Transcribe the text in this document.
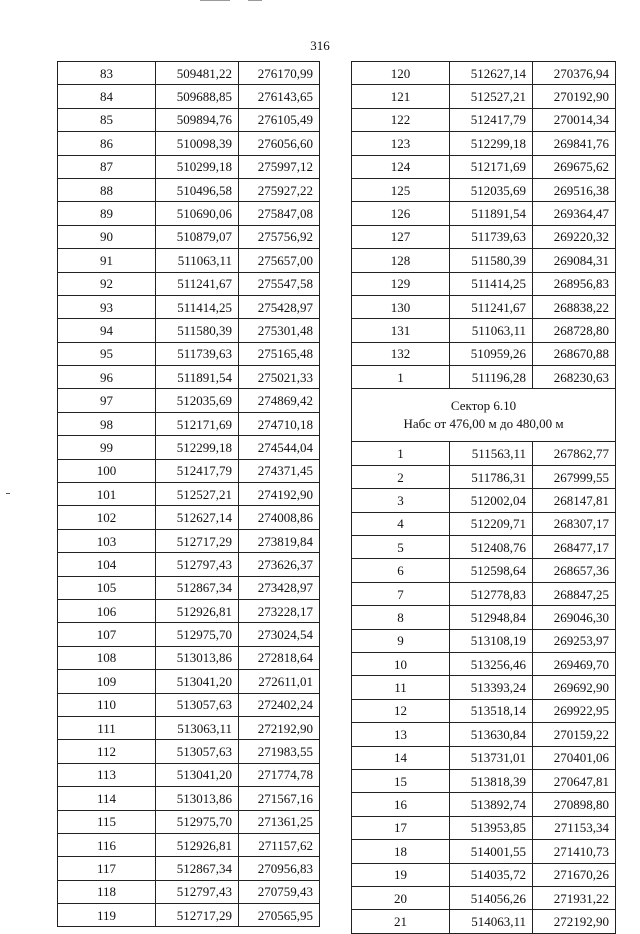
316
83	509481,22	276170,99
84	509688,85	276143,65
85	509894,76	276105,49
86	510098,39	276056,60
87	510299,18	275997,12
88	510496,58	275927,22
89	510690,06	275847,08
90	510879,07	275756,92
91	511063,11	275657,00
92	511241,67	275547,58
93	511414,25	275428,97
94	511580,39	275301,48
95	511739,63	275165,48
96	511891,54	275021,33
97	512035,69	274869,42
98	512171,69	274710,18
99	512299,18	274544,04
100	512417,79	274371,45
101	512527,21	274192,90
102	512627,14	274008,86
103	512717,29	273819,84
104	512797,43	273626,37
105	512867,34	273428,97
106	512926,81	273228,17
107	512975,70	273024,54
108	513013,86	272818,64
109	513041,20	272611,01
110	513057,63	272402,24
111	513063,11	272192,90
112	513057,63	271983,55
113	513041,20	271774,78
114	513013,86	271567,16
115	512975,70	271361,25
116	512926,81	271157,62
117	512867,34	270956,83
118	512797,43	270759,43
119	512717,29	270565,95
120	512627,14	270376,94
121	512527,21	270192,90
122	512417,79	270014,34
123	512299,18	269841,76
124	512171,69	269675,62
125	512035,69	269516,38
126	511891,54	269364,47
127	511739,63	269220,32
128	511580,39	269084,31
129	511414,25	268956,83
130	511241,67	268838,22
131	511063,11	268728,80
132	510959,26	268670,88
1	511196,28	268230,63

Сектор 6.10
Набс от 476,00 м до 480,00 м		

1	511563,11	267862,77
2	511786,31	267999,55
3	512002,04	268147,81
4	512209,71	268307,17
5	512408,76	268477,17
6	512598,64	268657,36
7	512778,83	268847,25
8	512948,84	269046,30
9	513108,19	269253,97
10	513256,46	269469,70
11	513393,24	269692,90
12	513518,14	269922,95
13	513630,84	270159,22
14	513731,01	270401,06
15	513818,39	270647,81
16	513892,74	270898,80
17	513953,85	271153,34
18	514001,55	271410,73
19	514035,72	271670,26
20	514056,26	271931,22
21	514063,11	272192,90
